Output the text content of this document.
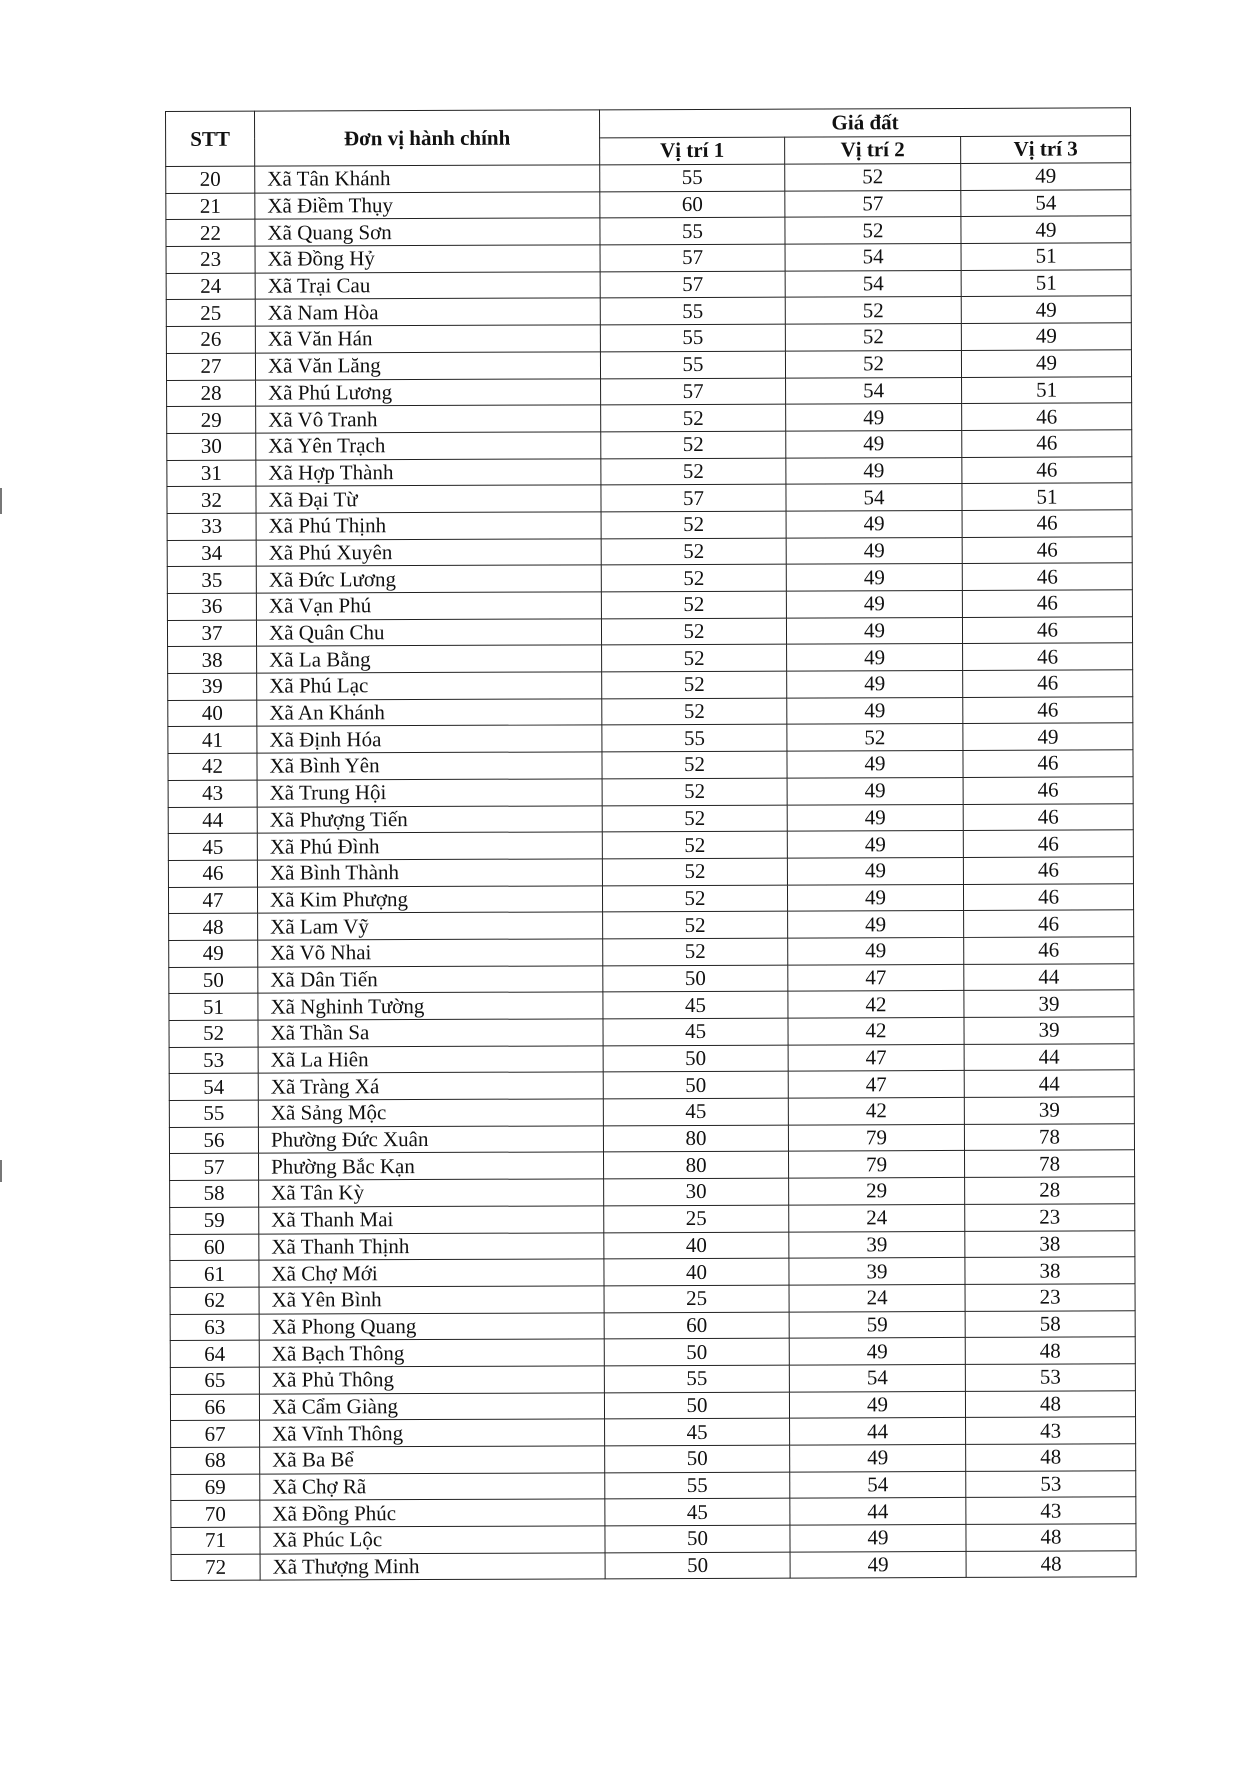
STT	Đơn vị hành chính	Giá đất		
		Vị trí 1	Vị trí 2	Vị trí 3
20	Xã Tân Khánh	55	52	49
21	Xã Điềm Thụy	60	57	54
22	Xã Quang Sơn	55	52	49
23	Xã Đồng Hỷ	57	54	51
24	Xã Trại Cau	57	54	51
25	Xã Nam Hòa	55	52	49
26	Xã Văn Hán	55	52	49
27	Xã Văn Lăng	55	52	49
28	Xã Phú Lương	57	54	51
29	Xã Vô Tranh	52	49	46
30	Xã Yên Trạch	52	49	46
31	Xã Hợp Thành	52	49	46
32	Xã Đại Từ	57	54	51
33	Xã Phú Thịnh	52	49	46
34	Xã Phú Xuyên	52	49	46
35	Xã Đức Lương	52	49	46
36	Xã Vạn Phú	52	49	46
37	Xã Quân Chu	52	49	46
38	Xã La Bằng	52	49	46
39	Xã Phú Lạc	52	49	46
40	Xã An Khánh	52	49	46
41	Xã Định Hóa	55	52	49
42	Xã Bình Yên	52	49	46
43	Xã Trung Hội	52	49	46
44	Xã Phượng Tiến	52	49	46
45	Xã Phú Đình	52	49	46
46	Xã Bình Thành	52	49	46
47	Xã Kim Phượng	52	49	46
48	Xã Lam Vỹ	52	49	46
49	Xã Võ Nhai	52	49	46
50	Xã Dân Tiến	50	47	44
51	Xã Nghinh Tường	45	42	39
52	Xã Thần Sa	45	42	39
53	Xã La Hiên	50	47	44
54	Xã Tràng Xá	50	47	44
55	Xã Sảng Mộc	45	42	39
56	Phường Đức Xuân	80	79	78
57	Phường Bắc Kạn	80	79	78
58	Xã Tân Kỳ	30	29	28
59	Xã Thanh Mai	25	24	23
60	Xã Thanh Thịnh	40	39	38
61	Xã Chợ Mới	40	39	38
62	Xã Yên Bình	25	24	23
63	Xã Phong Quang	60	59	58
64	Xã Bạch Thông	50	49	48
65	Xã Phủ Thông	55	54	53
66	Xã Cẩm Giàng	50	49	48
67	Xã Vĩnh Thông	45	44	43
68	Xã Ba Bể	50	49	48
69	Xã Chợ Rã	55	54	53
70	Xã Đồng Phúc	45	44	43
71	Xã Phúc Lộc	50	49	48
72	Xã Thượng Minh	50	49	48
